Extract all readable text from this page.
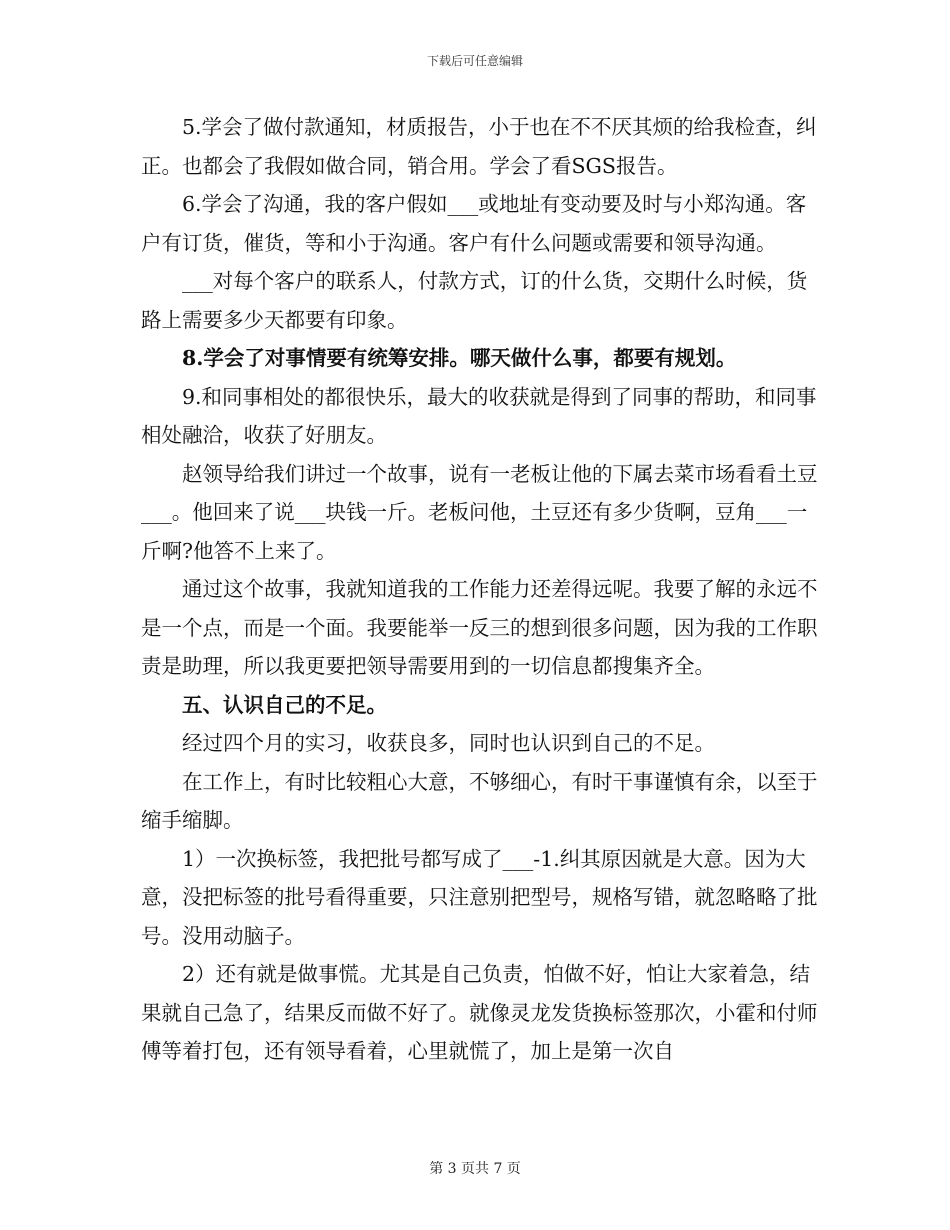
下载后可任意编辑

5.学会了做付款通知，材质报告，小于也在不不厌其烦的给我检查，纠正。也都会了我假如做合同，销合用。学会了看SGS报告。

6.学会了沟通，我的客户假如___或地址有变动要及时与小郑沟通。客户有订货，催货，等和小于沟通。客户有什么问题或需要和领导沟通。

___对每个客户的联系人，付款方式，订的什么货，交期什么时候，货路上需要多少天都要有印象。

8.学会了对事情要有统筹安排。哪天做什么事，都要有规划。

9.和同事相处的都很快乐，最大的收获就是得到了同事的帮助，和同事相处融洽，收获了好朋友。

赵领导给我们讲过一个故事，说有一老板让他的下属去菜市场看看土豆___。他回来了说___块钱一斤。老板问他，土豆还有多少货啊，豆角___一斤啊?他答不上来了。

通过这个故事，我就知道我的工作能力还差得远呢。我要了解的永远不是一个点，而是一个面。我要能举一反三的想到很多问题，因为我的工作职责是助理，所以我更要把领导需要用到的一切信息都搜集齐全。

五、认识自己的不足。

经过四个月的实习，收获良多，同时也认识到自己的不足。

在工作上，有时比较粗心大意，不够细心，有时干事谨慎有余，以至于缩手缩脚。

1）一次换标签，我把批号都写成了___-1.纠其原因就是大意。因为大意，没把标签的批号看得重要，只注意别把型号，规格写错，就忽略略了批号。没用动脑子。

2）还有就是做事慌。尤其是自己负责，怕做不好，怕让大家着急，结果就自己急了，结果反而做不好了。就像灵龙发货换标签那次，小霍和付师傅等着打包，还有领导看着，心里就慌了，加上是第一次自

第 3 页共 7 页
